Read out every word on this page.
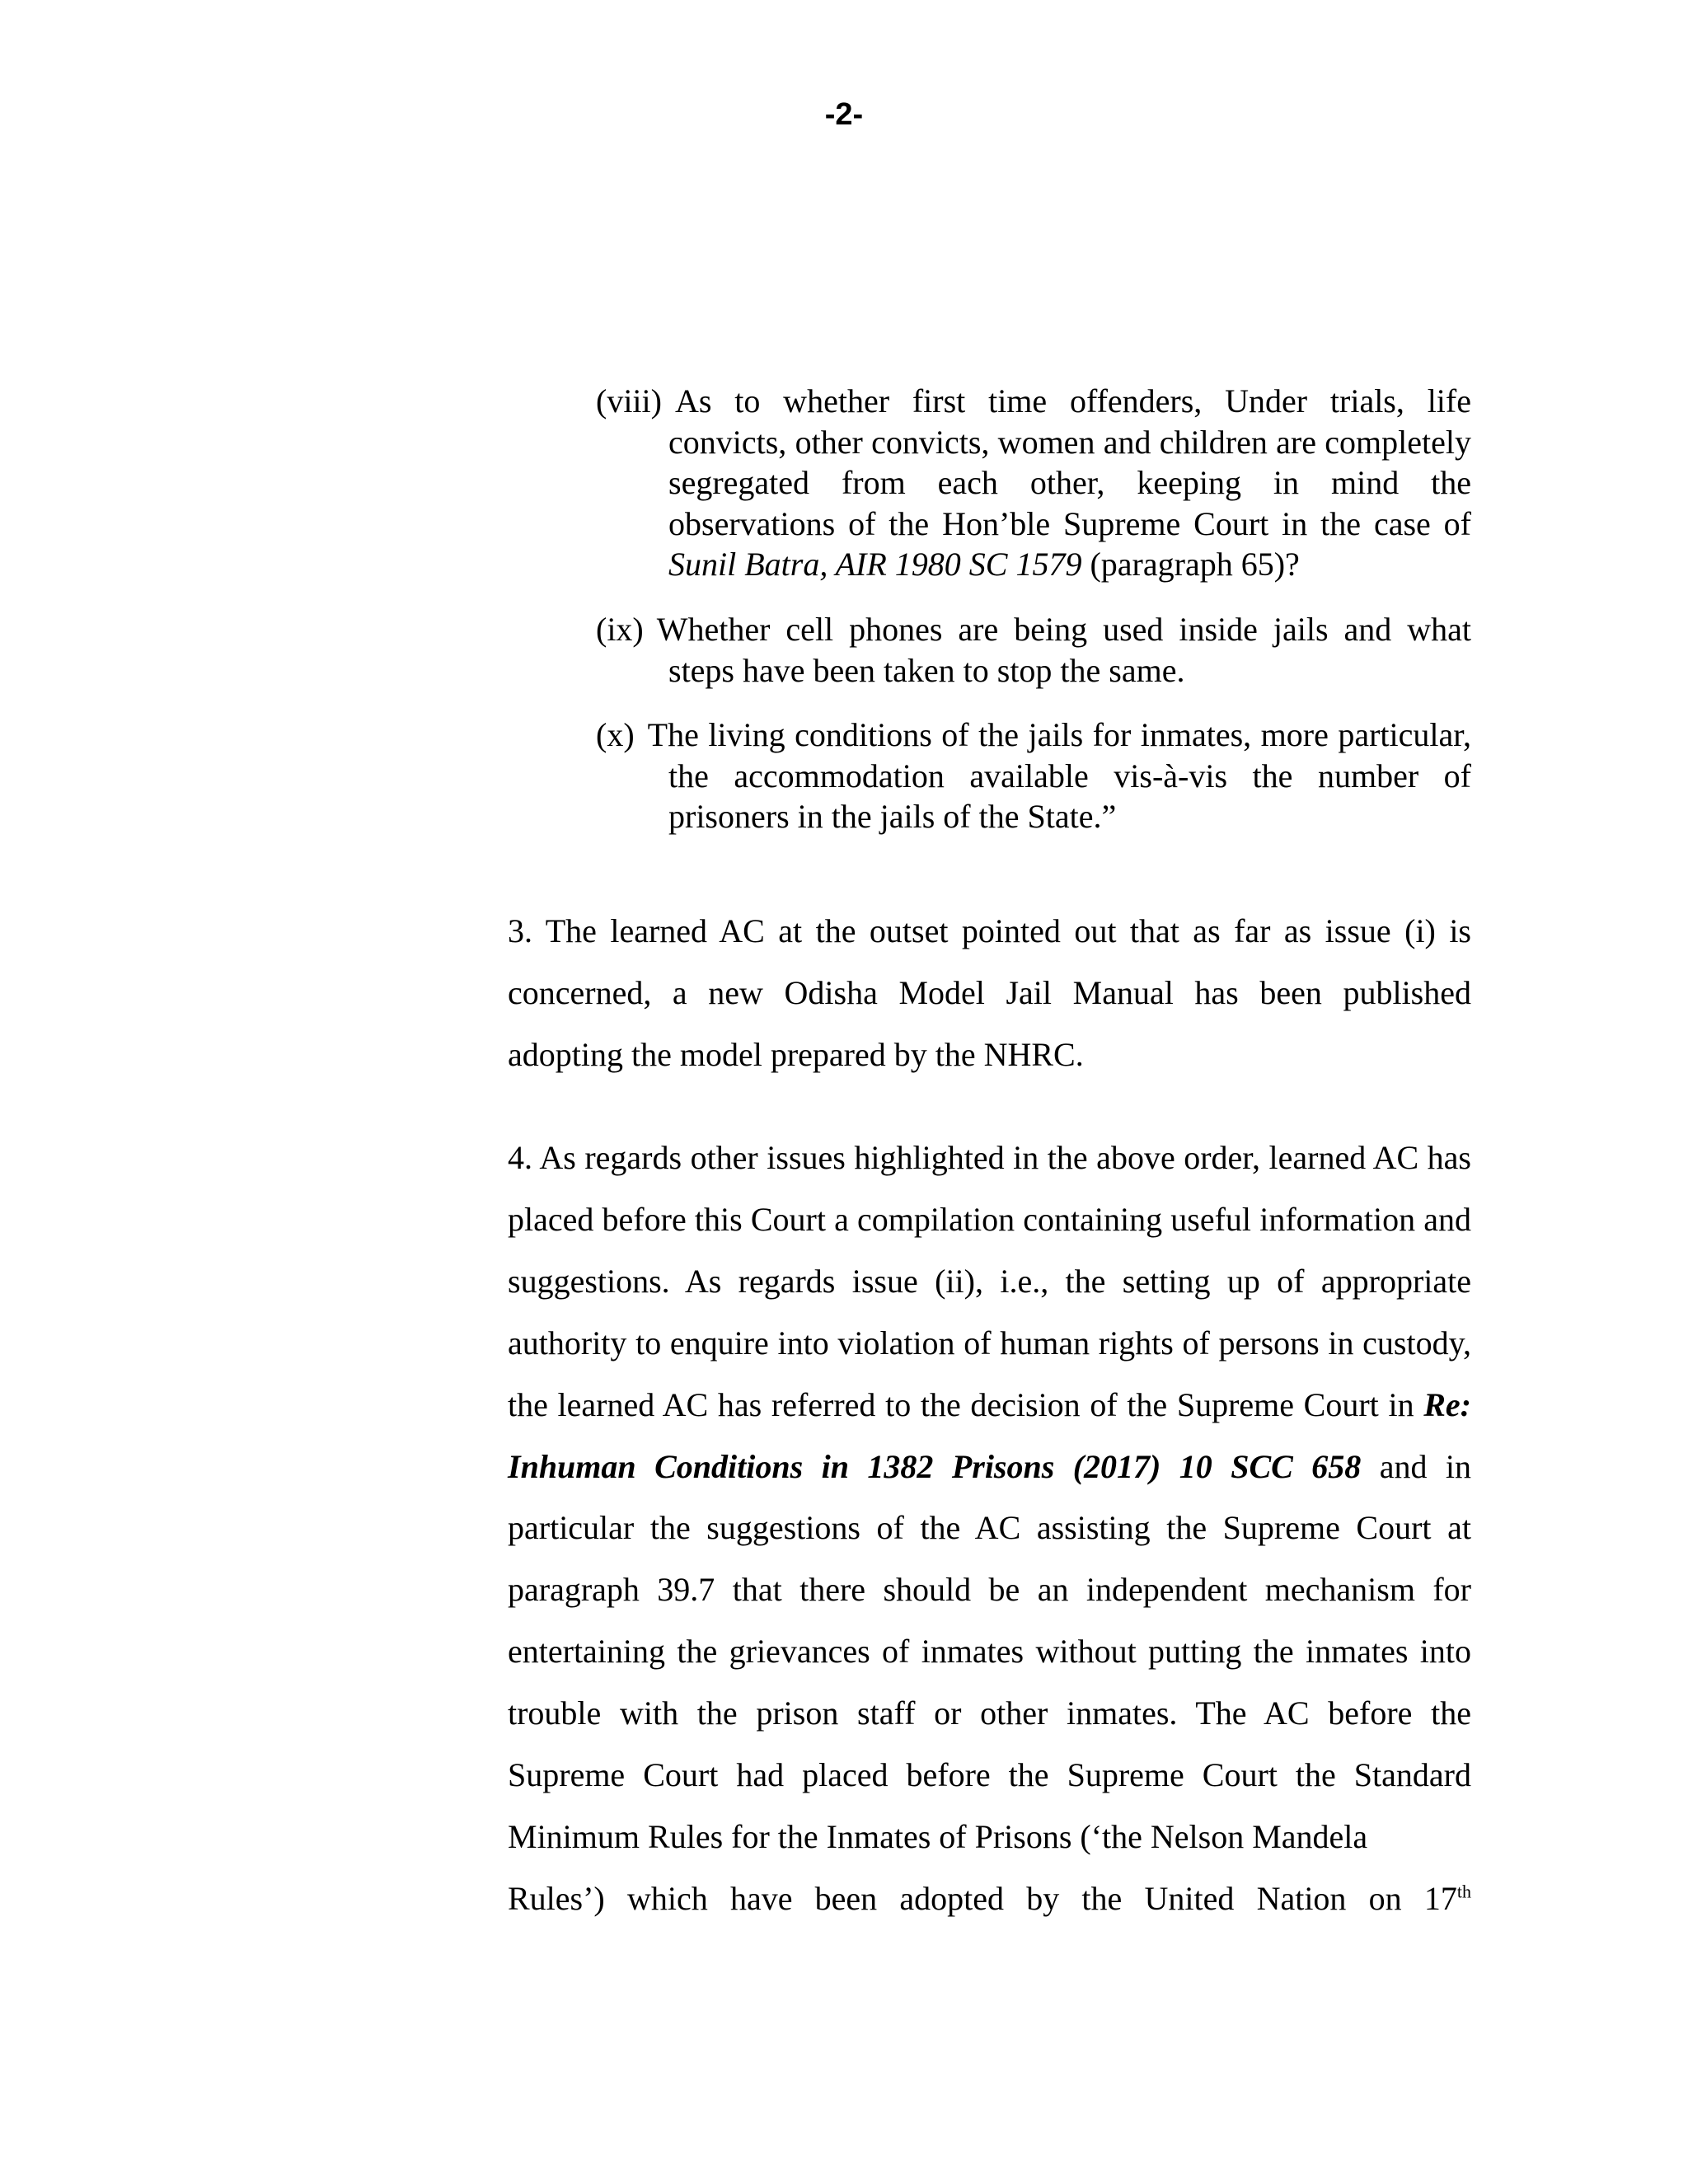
-2-

(viii) As to whether first time offenders, Under trials, life convicts, other convicts, women and children are completely segregated from each other, keeping in mind the observations of the Hon’ble Supreme Court in the case of Sunil Batra, AIR 1980 SC 1579 (paragraph 65)?

(ix) Whether cell phones are being used inside jails and what steps have been taken to stop the same.

(x) The living conditions of the jails for inmates, more particular, the accommodation available vis-à-vis the number of prisoners in the jails of the State.”

3. The learned AC at the outset pointed out that as far as issue (i) is concerned, a new Odisha Model Jail Manual has been published adopting the model prepared by the NHRC.

4. As regards other issues highlighted in the above order, learned AC has placed before this Court a compilation containing useful information and suggestions. As regards issue (ii), i.e., the setting up of appropriate authority to enquire into violation of human rights of persons in custody, the learned AC has referred to the decision of the Supreme Court in Re: Inhuman Conditions in 1382 Prisons (2017) 10 SCC 658 and in particular the suggestions of the AC assisting the Supreme Court at paragraph 39.7 that there should be an independent mechanism for entertaining the grievances of inmates without putting the inmates into trouble with the prison staff or other inmates. The AC before the Supreme Court had placed before the Supreme Court the Standard Minimum Rules for the Inmates of Prisons (‘the Nelson Mandela
Rules’) which have been adopted by the United Nation on 17th
